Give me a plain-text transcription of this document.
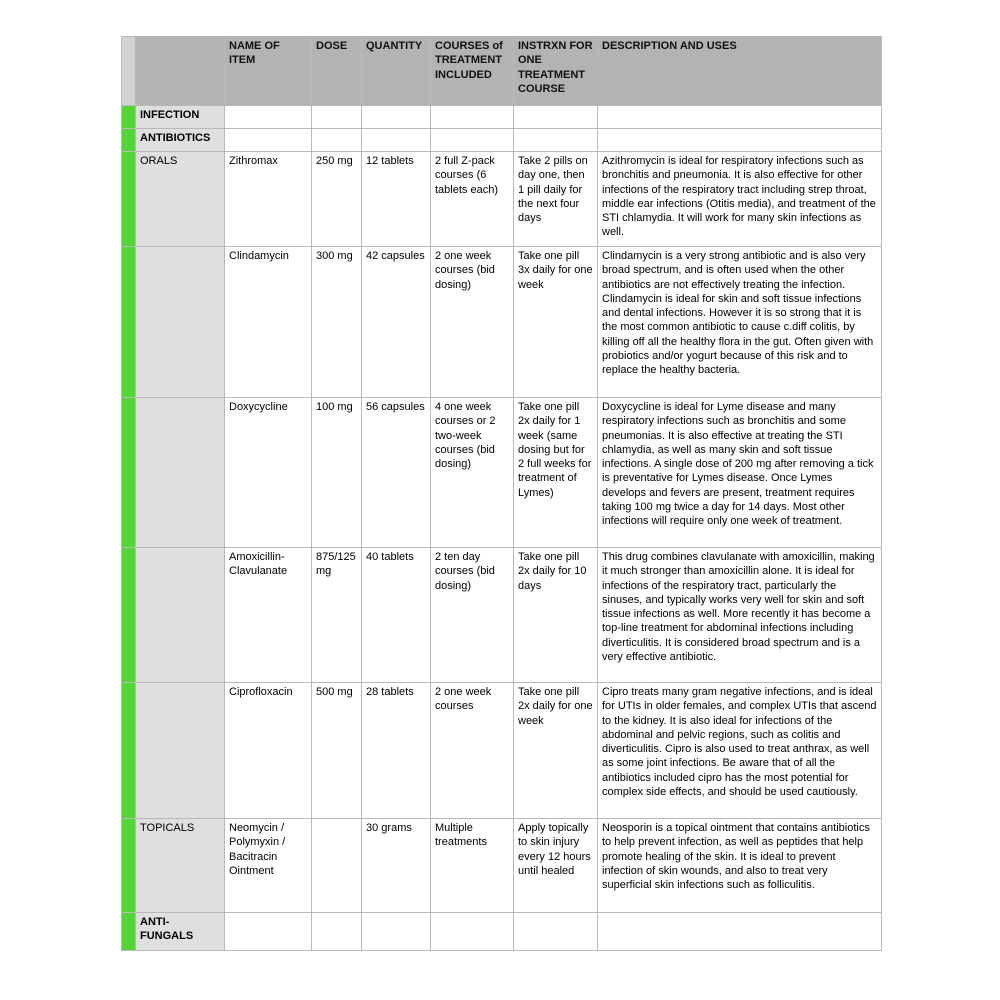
		NAME OF ITEM	DOSE	QUANTITY	COURSES of TREATMENT INCLUDED	INSTRXN FOR ONE TREATMENT COURSE	DESCRIPTION AND USES
	INFECTION						
	ANTIBIOTICS						
	ORALS	Zithromax	250 mg	12 tablets	2 full Z-pack courses (6 tablets each)	Take 2 pills on day one, then 1 pill daily for the next four days	Azithromycin is ideal for respiratory infections such as bronchitis and pneumonia. It is also effective for other infections of the respiratory tract including strep throat, middle ear infections (Otitis media), and treatment of the STI chlamydia. It will work for many skin infections as well.
		Clindamycin	300 mg	42 capsules	2 one week courses (bid dosing)	Take one pill 3x daily for one week	Clindamycin is a very strong antibiotic and is also very broad spectrum, and is often used when the other antibiotics are not effectively treating the infection. Clindamycin is ideal for skin and soft tissue infections and dental infections. However it is so strong that it is the most common antibiotic to cause c.diff colitis, by killing off all the healthy flora in the gut. Often given with probiotics and/or yogurt because of this risk and to replace the healthy bacteria.
		Doxycycline	100 mg	56 capsules	4 one week courses or 2 two-week courses (bid dosing)	Take one pill 2x daily for 1 week (same dosing but for 2 full weeks for treatment of Lymes)	Doxycycline is ideal for Lyme disease and many respiratory infections such as bronchitis and some pneumonias. It is also effective at treating the STI chlamydia, as well as many skin and soft tissue infections. A single dose of 200 mg after removing a tick is preventative for Lymes disease. Once Lymes develops and fevers are present, treatment requires taking 100 mg twice a day for 14 days. Most other infections will require only one week of treatment.
		Amoxicillin-Clavulanate	875/125 mg	40 tablets	2 ten day courses (bid dosing)	Take one pill 2x daily for 10 days	This drug combines clavulanate with amoxicillin, making it much stronger than amoxicillin alone. It is ideal for infections of the respiratory tract, particularly the sinuses, and typically works very well for skin and soft tissue infections as well. More recently it has become a top-line treatment for abdominal infections including diverticulitis. It is considered broad spectrum and is a very effective antibiotic.
		Ciprofloxacin	500 mg	28 tablets	2 one week courses	Take one pill 2x daily for one week	Cipro treats many gram negative infections, and is ideal for UTIs in older females, and complex UTIs that ascend to the kidney. It is also ideal for infections of the abdominal and pelvic regions, such as colitis and diverticulitis. Cipro is also used to treat anthrax, as well as some joint infections. Be aware that of all the antibiotics included cipro has the most potential for complex side effects, and should be used cautiously.
	TOPICALS	Neomycin / Polymyxin / Bacitracin Ointment		30 grams	Multiple treatments	Apply topically to skin injury every 12 hours until healed	Neosporin is a topical ointment that contains antibiotics to help prevent infection, as well as peptides that help promote healing of the skin. It is ideal to prevent infection of skin wounds, and also to treat very superficial skin infections such as folliculitis.
	ANTI-FUNGALS						
